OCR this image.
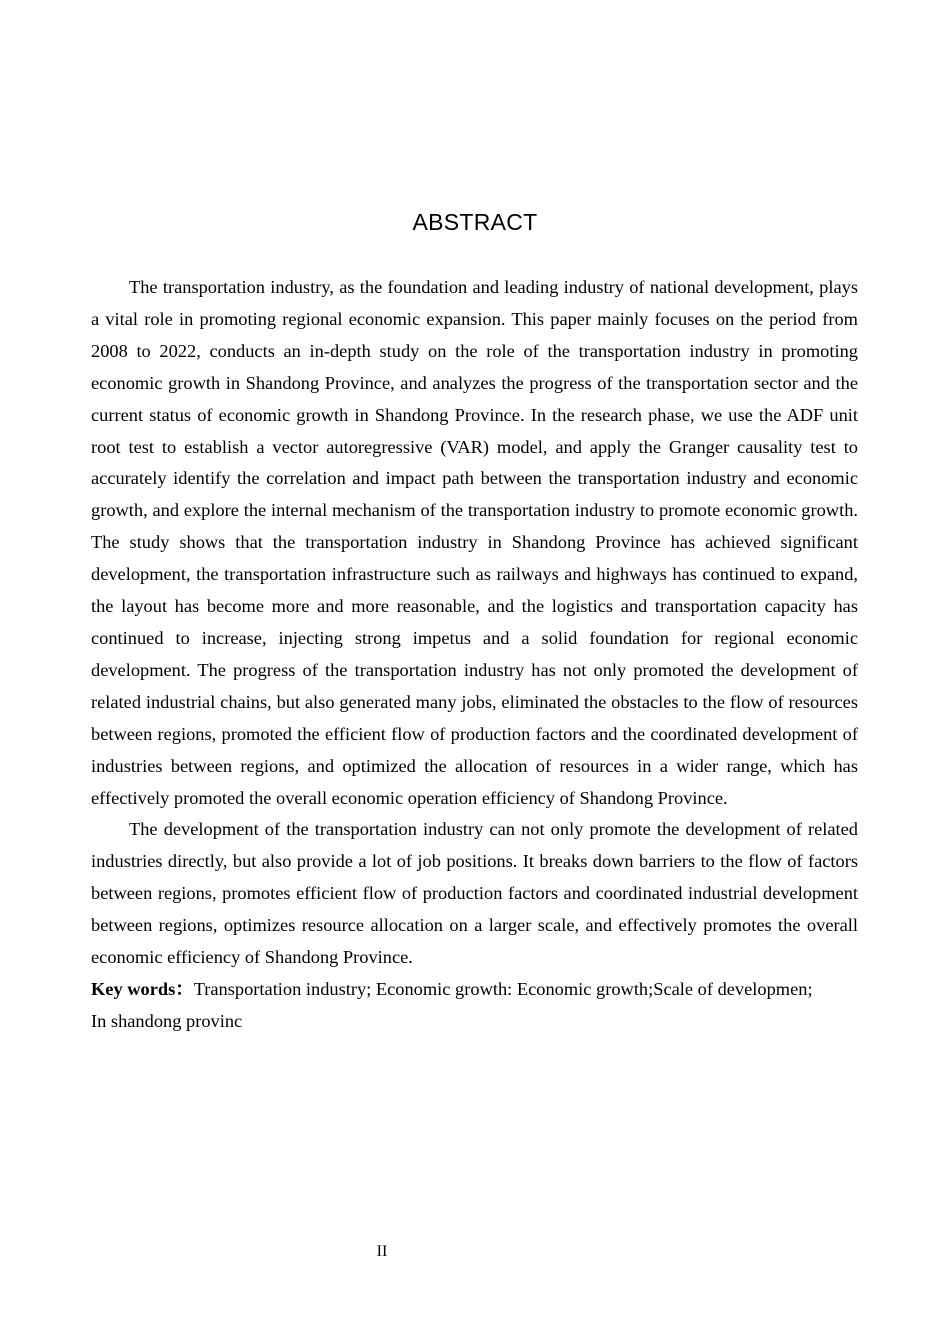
ABSTRACT

The transportation industry, as the foundation and leading industry of national development, plays a vital role in promoting regional economic expansion. This paper mainly focuses on the period from 2008 to 2022, conducts an in-depth study on the role of the transportation industry in promoting economic growth in Shandong Province, and analyzes the progress of the transportation sector and the current status of economic growth in Shandong Province. In the research phase, we use the ADF unit root test to establish a vector autoregressive (VAR) model, and apply the Granger causality test to accurately identify the correlation and impact path between the transportation industry and economic growth, and explore the internal mechanism of the transportation industry to promote economic growth. The study shows that the transportation industry in Shandong Province has achieved significant development, the transportation infrastructure such as railways and highways has continued to expand, the layout has become more and more reasonable, and the logistics and transportation capacity has continued to increase, injecting strong impetus and a solid foundation for regional economic development. The progress of the transportation industry has not only promoted the development of related industrial chains, but also generated many jobs, eliminated the obstacles to the flow of resources between regions, promoted the efficient flow of production factors and the coordinated development of industries between regions, and optimized the allocation of resources in a wider range, which has effectively promoted the overall economic operation efficiency of Shandong Province.

The development of the transportation industry can not only promote the development of related industries directly, but also provide a lot of job positions. It breaks down barriers to the flow of factors between regions, promotes efficient flow of production factors and coordinated industrial development between regions, optimizes resource allocation on a larger scale, and effectively promotes the overall economic efficiency of Shandong Province.

Key words：Transportation industry; Economic growth: Economic growth;Scale of developmen;
In shandong provinc
II
